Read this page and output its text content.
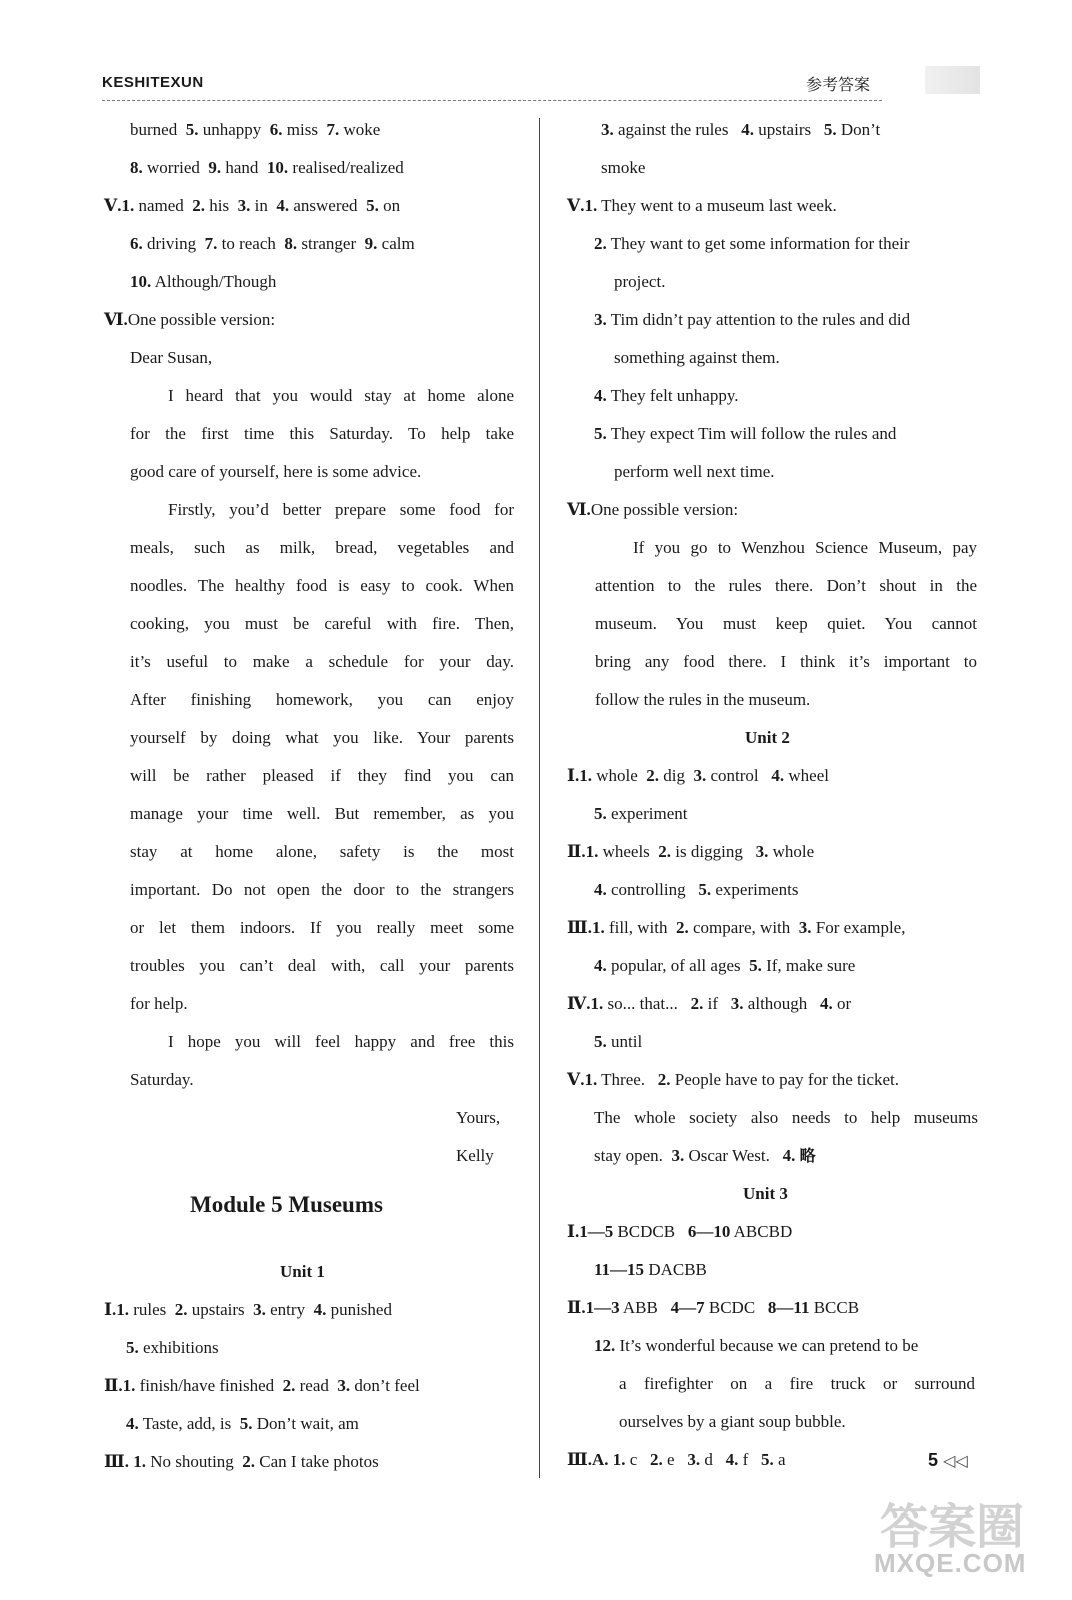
KESHITEXUN	参考答案
burned 5. unhappy 6. miss 7. woke
8. worried 9. hand 10. realised/realized
Ⅴ.1. named 2. his 3. in 4. answered 5. on
6. driving 7. to reach 8. stranger 9. calm
10. Although/Though
Ⅵ.One possible version:
Dear Susan,
I heard that you would stay at home alone
for the first time this Saturday. To help take
good care of yourself, here is some advice.
Firstly, you’d better prepare some food for
meals, such as milk, bread, vegetables and
noodles. The healthy food is easy to cook. When
cooking, you must be careful with fire. Then,
it’s useful to make a schedule for your day.
After finishing homework, you can enjoy
yourself by doing what you like. Your parents
will be rather pleased if they find you can
manage your time well. But remember, as you
stay at home alone, safety is the most
important. Do not open the door to the strangers
or let them indoors. If you really meet some
troubles you can’t deal with, call your parents
for help.
I hope you will feel happy and free this
Saturday.
Yours,
Kelly
Unit 1
Ⅰ.1. rules 2. upstairs 3. entry 4. punished
5. exhibitions
Ⅱ.1. finish/have finished 2. read 3. don’t feel
4. Taste, add, is 5. Don’t wait, am
Ⅲ. 1. No shouting 2. Can I take photos
Module 5 Museums
3. against the rules 4. upstairs 5. Don’t
smoke
Ⅴ.1. They went to a museum last week.
2. They want to get some information for their
project.
3. Tim didn’t pay attention to the rules and did
something against them.
4. They felt unhappy.
5. They expect Tim will follow the rules and
perform well next time.
Ⅵ.One possible version:
If you go to Wenzhou Science Museum, pay
attention to the rules there. Don’t shout in the
museum. You must keep quiet. You cannot
bring any food there. I think it’s important to
follow the rules in the museum.
Unit 2
Ⅰ.1. whole 2. dig 3. control 4. wheel
5. experiment
Ⅱ.1. wheels 2. is digging 3. whole
4. controlling 5. experiments
Ⅲ.1. fill, with 2. compare, with 3. For example,
4. popular, of all ages 5. If, make sure
Ⅳ.1. so... that... 2. if 3. although 4. or
5. until
Ⅴ.1. Three. 2. People have to pay for the ticket.
The whole society also needs to help museums
stay open. 3. Oscar West. 4. 略
Unit 3
Ⅰ.1—5 BCDCB 6—10 ABCBD
11—15 DACBB
Ⅱ.1—3 ABB 4—7 BCDC 8—11 BCCB
12. It’s wonderful because we can pretend to be
a firefighter on a fire truck or surround
ourselves by a giant soup bubble.
Ⅲ.A. 1. c 2. e 3. d 4. f 5. a	5 ◁◁
答案圈
MXQE.COM
